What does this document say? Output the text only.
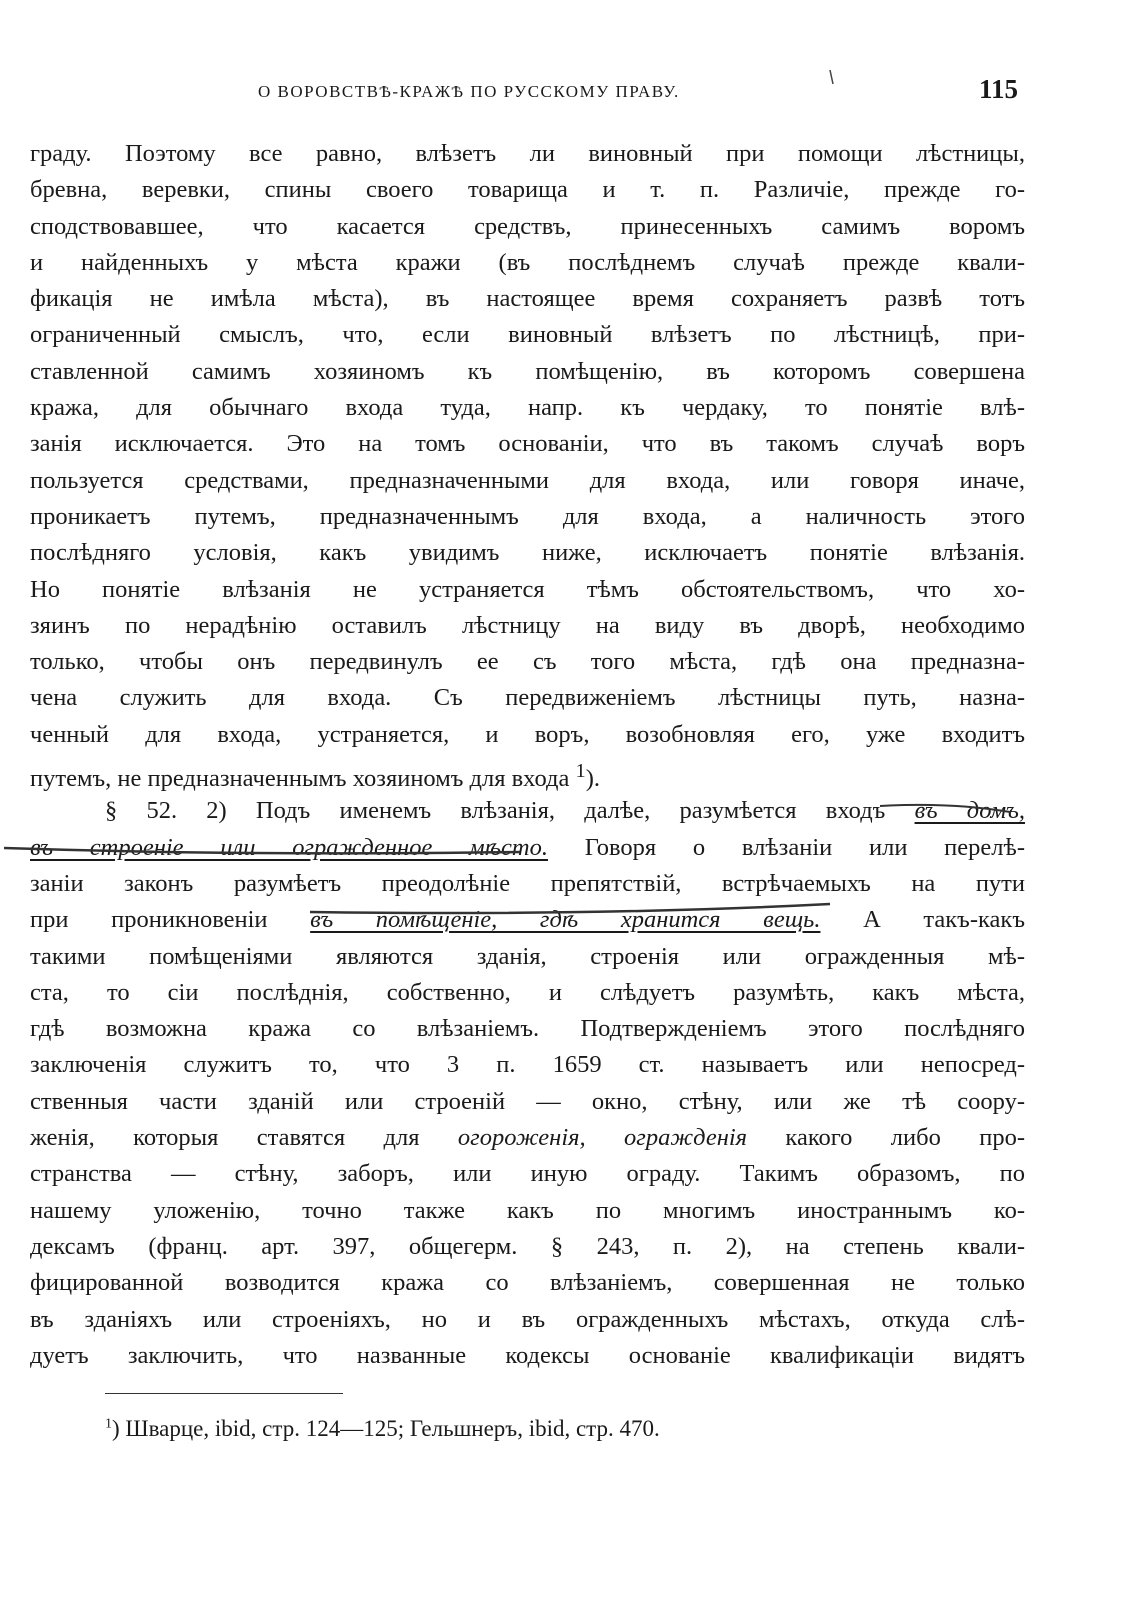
О ВОРОВСТВѢ-КРАЖѢ ПО РУССКОМУ ПРАВУ.	115
граду. Поэтому все равно, влѣзетъ ли виновный при помощи лѣстницы,
бревна, веревки, спины своего товарища и т. п. Различіе, прежде го-
сподствовавшее, что касается средствъ, принесенныхъ самимъ воромъ
и найденныхъ у мѣста кражи (въ послѣднемъ случаѣ прежде квали-
фикація не имѣла мѣста), въ настоящее время сохраняетъ развѣ тотъ
ограниченный смыслъ, что, если виновный влѣзетъ по лѣстницѣ, при-
ставленной самимъ хозяиномъ къ помѣщенію, въ которомъ совершена
кража, для обычнаго входа туда, напр. къ чердаку, то понятіе влѣ-
занія исключается. Это на томъ основаніи, что въ такомъ случаѣ воръ
пользуется средствами, предназначенными для входа, или говоря иначе,
проникаетъ путемъ, предназначеннымъ для входа, а наличность этого
послѣдняго условія, какъ увидимъ ниже, исключаетъ понятіе влѣзанія.
Но понятіе влѣзанія не устраняется тѣмъ обстоятельствомъ, что хо-
зяинъ по нерадѣнію оставилъ лѣстницу на виду въ дворѣ, необходимо
только, чтобы онъ передвинулъ ее съ того мѣста, гдѣ она предназна-
чена служить для входа. Съ передвиженіемъ лѣстницы путь, назна-
ченный для входа, устраняется, и воръ, возобновляя его, уже входитъ
путемъ, не предназначеннымъ хозяиномъ для входа $^1$).
§ 52. 2) Подъ именемъ влѣзанія, далѣе, разумѣется входъ въ домъ,
въ строеніе или огражденное мѣсто. Говоря о влѣзаніи или перелѣ-
заніи законъ разумѣетъ преодолѣніе препятствій, встрѣчаемыхъ на пути
при проникновеніи въ помѣщеніе, гдѣ хранится вещь. А такъ-какъ
такими помѣщеніями являются зданія, строенія или огражденныя мѣ-
ста, то сіи послѣднія, собственно, и слѣдуетъ разумѣть, какъ мѣста,
гдѣ возможна кража со влѣзаніемъ. Подтвержденіемъ этого послѣдняго
заключенія служитъ то, что 3 п. 1659 ст. называетъ или непосред-
ственныя части зданій или строеній — окно, стѣну, или же тѣ соору-
женія, которыя ставятся для огороженія, огражденія какого либо про-
странства — стѣну, заборъ, или иную ограду. Такимъ образомъ, по
нашему уложенію, точно также какъ по многимъ иностраннымъ ко-
дексамъ (франц. арт. 397, общегерм. § 243, п. 2), на степень квали-
фицированной возводится кража со влѣзаніемъ, совершенная не только
въ зданіяхъ или строеніяхъ, но и въ огражденныхъ мѣстахъ, откуда слѣ-
дуетъ заключить, что названные кодексы основаніе квалификаціи видятъ
$^1$) Шварце, ibid, стр. 124—125; Гельшнеръ, ibid, стр. 470.
